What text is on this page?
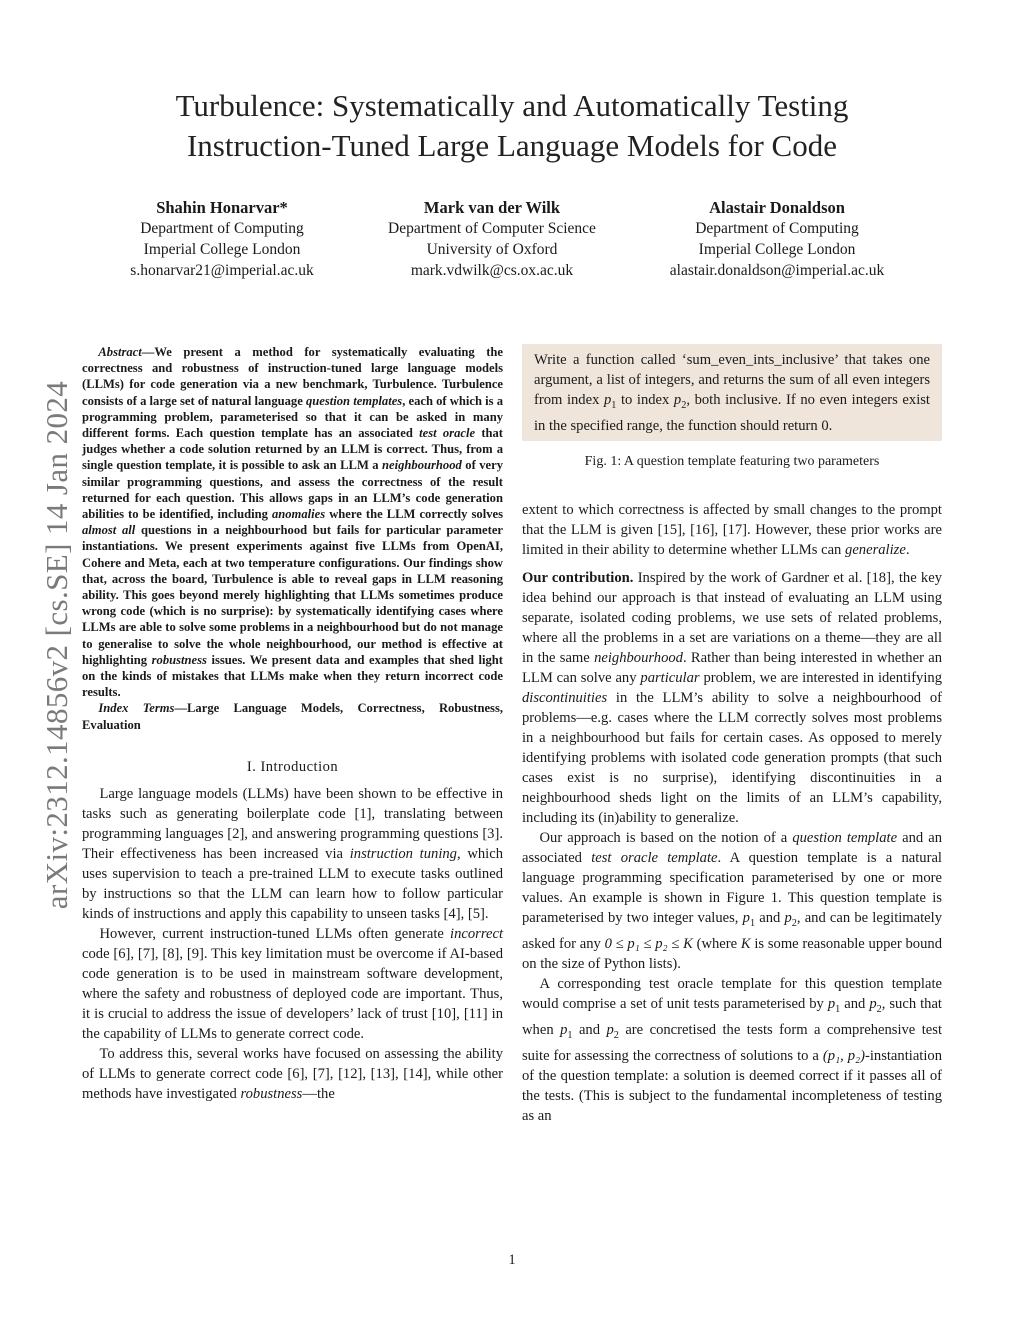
Turbulence: Systematically and Automatically Testing
Instruction-Tuned Large Language Models for Code
Shahin Honarvar*
Department of Computing
Imperial College London
s.honarvar21@imperial.ac.uk
Mark van der Wilk
Department of Computer Science
University of Oxford
mark.vdwilk@cs.ox.ac.uk
Alastair Donaldson
Department of Computing
Imperial College London
alastair.donaldson@imperial.ac.uk
arXiv:2312.14856v2 [cs.SE] 14 Jan 2024

Abstract—We present a method for systematically evaluating the correctness and robustness of instruction-tuned large language models (LLMs) for code generation via a new benchmark, Turbulence. Turbulence consists of a large set of natural language question templates, each of which is a programming problem, parameterised so that it can be asked in many different forms. Each question template has an associated test oracle that judges whether a code solution returned by an LLM is correct. Thus, from a single question template, it is possible to ask an LLM a neighbourhood of very similar programming questions, and assess the correctness of the result returned for each question. This allows gaps in an LLM’s code generation abilities to be identified, including anomalies where the LLM correctly solves almost all questions in a neighbourhood but fails for particular parameter instantiations. We present experiments against five LLMs from OpenAI, Cohere and Meta, each at two temperature configurations. Our findings show that, across the board, Turbulence is able to reveal gaps in LLM reasoning ability. This goes beyond merely highlighting that LLMs sometimes produce wrong code (which is no surprise): by systematically identifying cases where LLMs are able to solve some problems in a neighbourhood but do not manage to generalise to solve the whole neighbourhood, our method is effective at highlighting robustness issues. We present data and examples that shed light on the kinds of mistakes that LLMs make when they return incorrect code results.

Index Terms—Large Language Models, Correctness, Robustness, Evaluation

I. Introduction

Large language models (LLMs) have been shown to be effective in tasks such as generating boilerplate code [1], translating between programming languages [2], and answering programming questions [3]. Their effectiveness has been increased via instruction tuning, which uses supervision to teach a pre-trained LLM to execute tasks outlined by instructions so that the LLM can learn how to follow particular kinds of instructions and apply this capability to unseen tasks [4], [5].

However, current instruction-tuned LLMs often generate incorrect code [6], [7], [8], [9]. This key limitation must be overcome if AI-based code generation is to be used in mainstream software development, where the safety and robustness of deployed code are important. Thus, it is crucial to address the issue of developers’ lack of trust [10], [11] in the capability of LLMs to generate correct code.

To address this, several works have focused on assessing the ability of LLMs to generate correct code [6], [7], [12], [13], [14], while other methods have investigated robustness—the

Write a function called ‘sum_even_ints_inclusive’ that takes one argument, a list of integers, and returns the sum of all even integers from index $p_1$ to index $p_2$, both inclusive. If no even integers exist in the specified range, the function should return 0.
Fig. 1: A question template featuring two parameters

extent to which correctness is affected by small changes to the prompt that the LLM is given [15], [16], [17]. However, these prior works are limited in their ability to determine whether LLMs can generalize.

Our contribution. Inspired by the work of Gardner et al. [18], the key idea behind our approach is that instead of evaluating an LLM using separate, isolated coding problems, we use sets of related problems, where all the problems in a set are variations on a theme—they are all in the same neighbourhood. Rather than being interested in whether an LLM can solve any particular problem, we are interested in identifying discontinuities in the LLM’s ability to solve a neighbourhood of problems—e.g. cases where the LLM correctly solves most problems in a neighbourhood but fails for certain cases. As opposed to merely identifying problems with isolated code generation prompts (that such cases exist is no surprise), identifying discontinuities in a neighbourhood sheds light on the limits of an LLM’s capability, including its (in)ability to generalize.

Our approach is based on the notion of a question template and an associated test oracle template. A question template is a natural language programming specification parameterised by one or more values. An example is shown in Figure 1. This question template is parameterised by two integer values, $p_1$ and $p_2$, and can be legitimately asked for any 0 ≤ p₁ ≤ p₂ ≤ K (where K is some reasonable upper bound on the size of Python lists).

A corresponding test oracle template for this question template would comprise a set of unit tests parameterised by $p_1$ and $p_2$, such that when $p_1$ and $p_2$ are concretised the tests form a comprehensive test suite for assessing the correctness of solutions to a (p₁, p₂)-instantiation of the question template: a solution is deemed correct if it passes all of the tests. (This is subject to the fundamental incompleteness of testing as an

1
